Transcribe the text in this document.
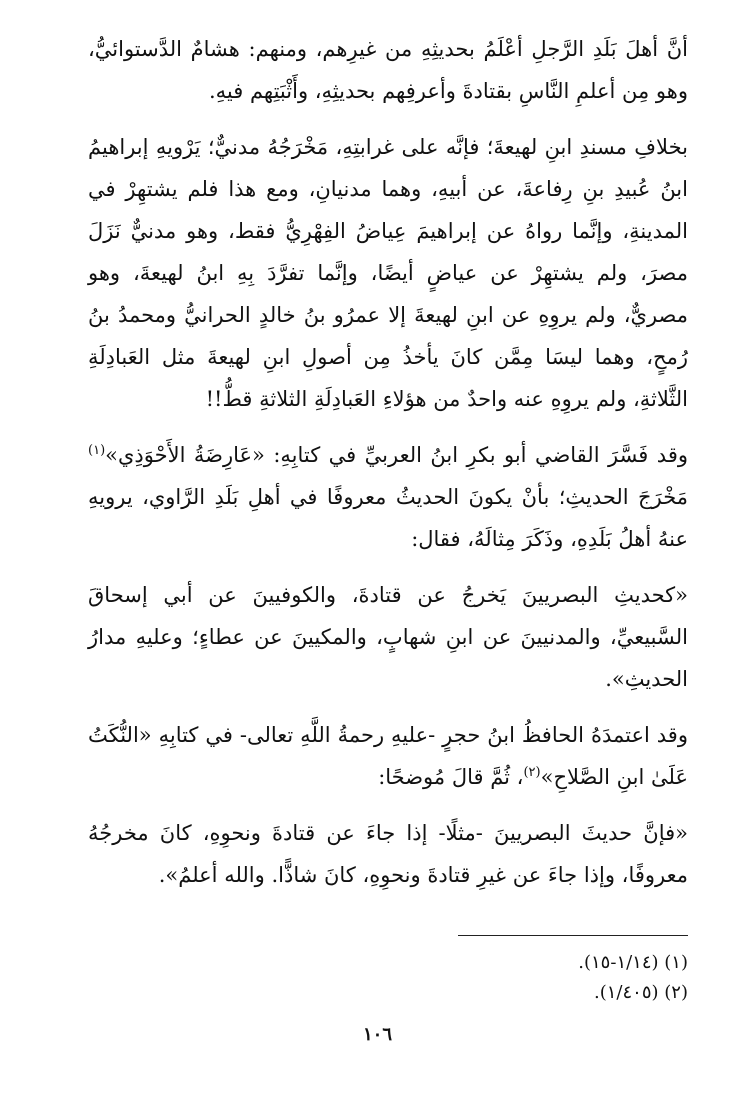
أنَّ أهلَ بَلَدِ الرَّجلِ أعْلَمُ بحديثِهِ من غيرِهم، ومنهم: هشامٌ الدَّستوائيُّ، وهو مِن أعلمِ النَّاسِ بقتادةَ وأعرفِهم بحديثِهِ، وأَثْبَتِهم فيهِ.

بخلافِ مسندِ ابنِ لهيعةَ؛ فإنَّه على غرابتِهِ، مَخْرَجُهُ مدنيٌّ؛ يَرْويهِ إبراهيمُ ابنُ عُبيدِ بنِ رِفاعةَ، عن أبيهِ، وهما مدنيانِ، ومع هذا فلم يشتهِرْ في المدينةِ، وإنَّما رواهُ عن إبراهيمَ عِياضُ الفِهْرِيُّ فقط، وهو مدنيٌّ نَزَلَ مصرَ، ولم يشتهِرْ عن عياضٍ أيضًا، وإنَّما تفرَّدَ بِهِ ابنُ لهيعةَ، وهو مصريٌّ، ولم يروِهِ عن ابنِ لهيعةَ إلا عمرُو بنُ خالدٍ الحرانيُّ ومحمدُ بنُ رُمحٍ، وهما ليسَا مِمَّن كانَ يأخذُ مِن أصولِ ابنِ لهيعةَ مثل العَبادِلَةِ الثَّلاثةِ، ولم يروِهِ عنه واحدٌ من هؤلاءِ العَبادِلَةِ الثلاثةِ قطُّ!!

وقد فَسَّرَ القاضي أبو بكرِ ابنُ العربيِّ في كتابِهِ: «عَارِضَةُ الأَحْوَذِي»$^{(١)}$ مَخْرَجَ الحديثِ؛ بأنْ يكونَ الحديثُ معروفًا في أهلِ بَلَدِ الرَّاوي، يرويهِ عنهُ أهلُ بَلَدِهِ، وذَكَرَ مِثالَهُ، فقال:

«كحديثِ البصريينَ يَخرجُ عن قتادةَ، والكوفيينَ عن أبي إسحاقَ السَّبيعيِّ، والمدنيينَ عن ابنِ شهابٍ، والمكيينَ عن عطاءٍ؛ وعليهِ مدارُ الحديثِ».

وقد اعتمدَهُ الحافظُ ابنُ حجرٍ -عليهِ رحمةُ اللَّهِ تعالى- في كتابِهِ «النُّكَتُ عَلَىٰ ابنِ الصَّلاحِ»$^{(٢)}$، ثُمَّ قالَ مُوضحًا:

«فإنَّ حديثَ البصريينَ -مثلًا- إذا جاءَ عن قتادةَ ونحوِهِ، كانَ مخرجُهُ معروفًا، وإذا جاءَ عن غيرِ قتادةَ ونحوِهِ، كانَ شاذًّا. والله أعلمُ».

(١) (١/١٤-١٥).

(٢) (١/٤٠٥).

١٠٦
